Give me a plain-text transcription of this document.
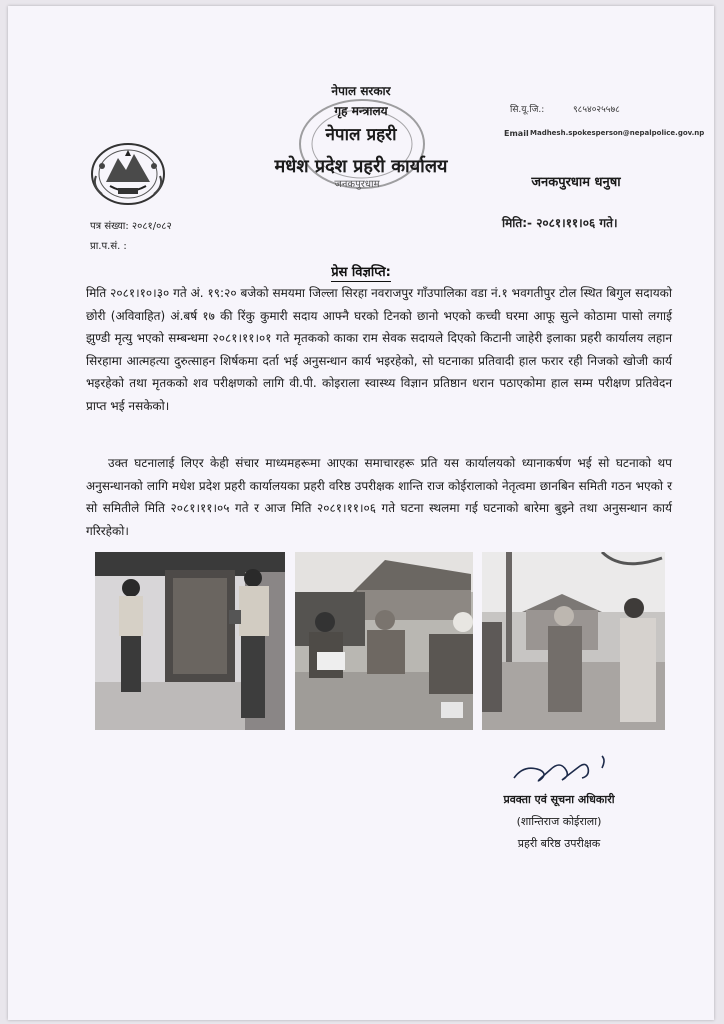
नेपाल सरकार
गृह मन्त्रालय
नेपाल प्रहरी
मधेश प्रदेश प्रहरी कार्यालय
जनकपुरधाम
सि.यू.जि.:	९८५४०२५५७८
Email Madhesh.spokesperson@nepalpolice.gov.np
जनकपुरधाम धनुषा
पत्र संख्या: २०८१/०८२
प्रा.प.सं. :
मिति:- २०८१।११।०६ गते।
प्रेस विज्ञप्ति:

मिति २०८१।१०।३० गते अं. १९:२० बजेको समयमा जिल्ला सिरहा नवराजपुर गाँउपालिका वडा नं.१ भवगतीपुर टोल स्थित बिगुल सदायको छोरी (अविवाहित) अं.बर्ष १७ की रिंकु कुमारी सदाय आफ्नै घरको टिनको छानो भएको कच्ची घरमा आफू सुत्ने कोठामा पासो लगाई झुण्डी मृत्यु भएको सम्बन्धमा २०८१।११।०१ गते मृतकको काका राम सेवक सदायले दिएको किटानी जाहेरी इलाका प्रहरी कार्यालय लहान सिरहामा आत्महत्या दुरुत्साहन शिर्षकमा दर्ता भई अनुसन्धान कार्य भइरहेको, सो घटनाका प्रतिवादी हाल फरार रही निजको खोजी कार्य भइरहेको तथा मृतकको शव परीक्षणको लागि वी.पी. कोइराला स्वास्थ्य विज्ञान प्रतिष्ठान धरान पठाएकोमा हाल सम्म परीक्षण प्रतिवेदन प्राप्त भई नसकेको।

उक्त घटनालाई लिएर केही संचार माध्यमहरूमा आएका समाचारहरू प्रति यस कार्यालयको ध्यानाकर्षण भई सो घटनाको थप अनुसन्धानको लागि मधेश प्रदेश प्रहरी कार्यालयका प्रहरी वरिष्ठ उपरीक्षक शान्ति राज कोईरालाको नेतृत्वमा छानबिन समिती गठन भएको र सो समितीले मिति २०८१।११।०५ गते र आज मिति २०८१।११।०६ गते घटना स्थलमा गई घटनाको बारेमा बुझ्ने तथा अनुसन्धान कार्य गरिरहेको।

प्रवक्ता एवं सूचना अधिकारी
(शान्तिराज कोईराला)
प्रहरी बरिष्ठ उपरीक्षक
